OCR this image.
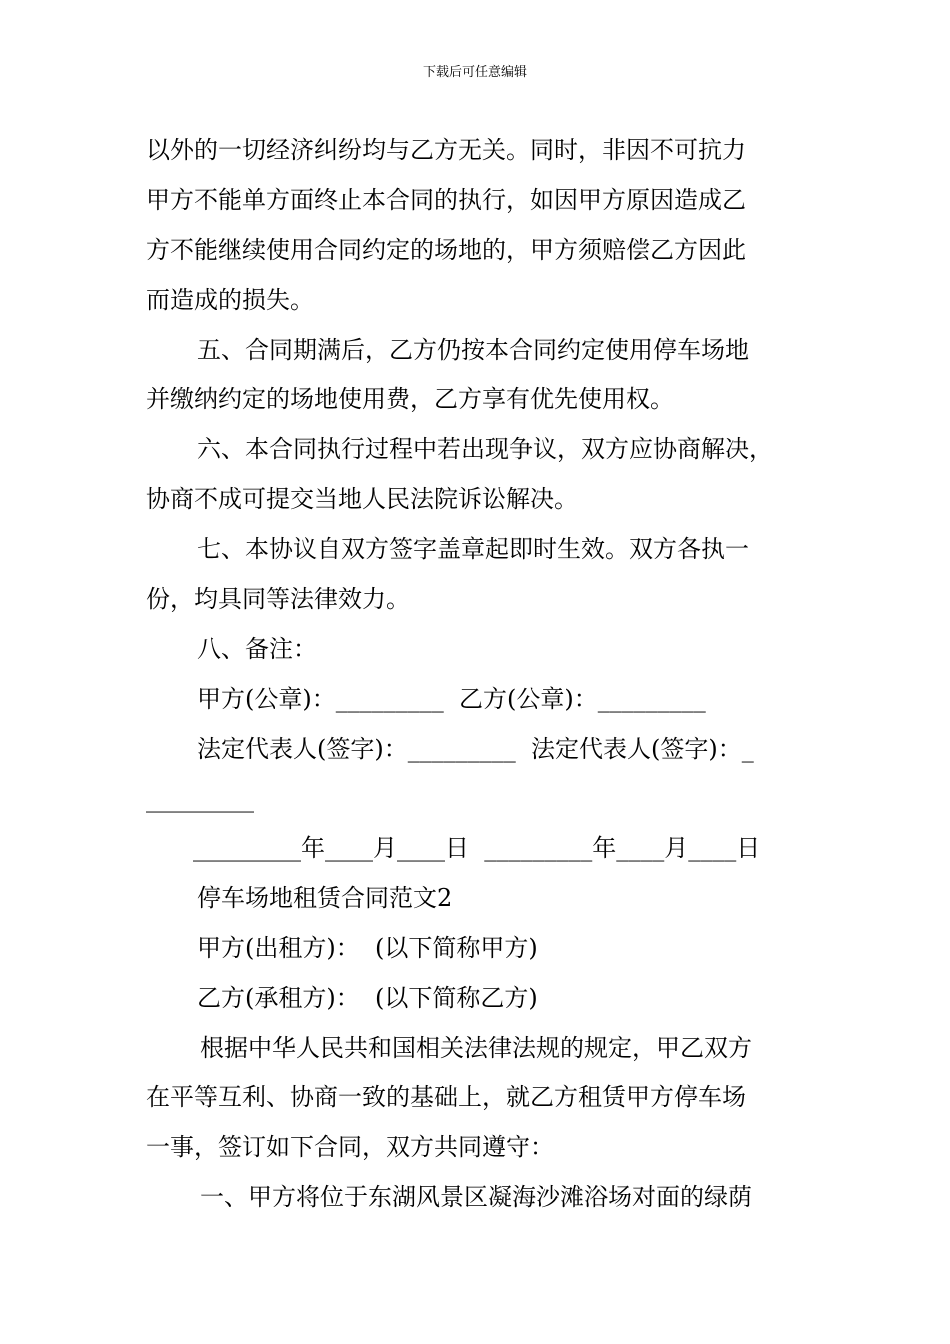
下载后可任意编辑
以外的一切经济纠纷均与乙方无关。同时，非因不可抗力
甲方不能单方面终止本合同的执行，如因甲方原因造成乙
方不能继续使用合同约定的场地的，甲方须赔偿乙方因此
而造成的损失。
五、合同期满后，乙方仍按本合同约定使用停车场地
并缴纳约定的场地使用费，乙方享有优先使用权。
六、本合同执行过程中若出现争议，双方应协商解决，
协商不成可提交当地人民法院诉讼解决。
七、本协议自双方签字盖章起即时生效。双方各执一
份，均具同等法律效力。
八、备注：
甲方(公章)：_________  乙方(公章)：_________
法定代表人(签字)：_________  法定代表人(签字)：_
_________
_________年____月____日  _________年____月____日
停车场地租赁合同范文2
甲方(出租方)：  (以下简称甲方)
乙方(承租方)：  (以下简称乙方)
根据中华人民共和国相关法律法规的规定，甲乙双方
在平等互利、协商一致的基础上，就乙方租赁甲方停车场
一事，签订如下合同，双方共同遵守：
一、甲方将位于东湖风景区凝海沙滩浴场对面的绿荫
